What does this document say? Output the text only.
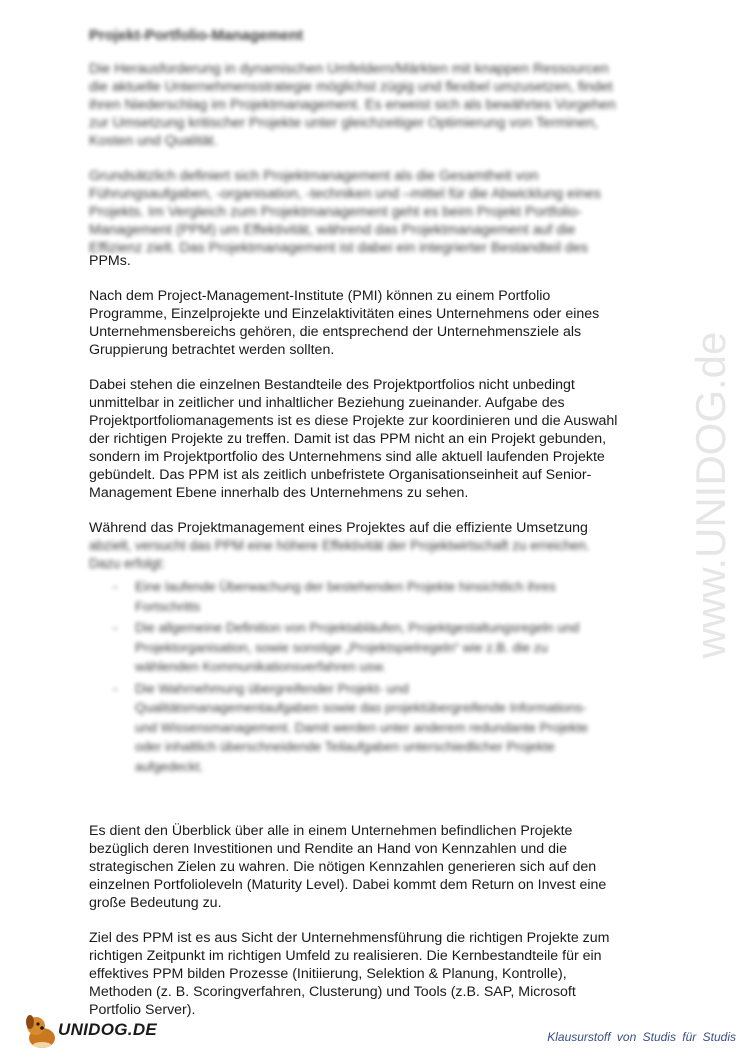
Projekt-Portfolio-Management

Die Herausforderung in dynamischen Umfeldern/Märkten mit knappen Ressourcen
die aktuelle Unternehmensstrategie möglichst zügig und flexibel umzusetzen, findet
ihren Niederschlag im Projektmanagement. Es erweist sich als bewährtes Vorgehen
zur Umsetzung kritischer Projekte unter gleichzeitiger Optimierung von Terminen,
Kosten und Qualität.

Grundsätzlich definiert sich Projektmanagement als die Gesamtheit von
Führungsaufgaben, -organisation, -techniken und –mittel für die Abwicklung eines
Projekts. Im Vergleich zum Projektmanagement geht es beim Projekt Portfolio-
Management (PPM) um Effektivität, während das Projektmanagement auf die
Effizienz zielt. Das Projektmanagement ist dabei ein integrierter Bestandteil des
PPMs.

Nach dem Project-Management-Institute (PMI) können zu einem Portfolio
Programme, Einzelprojekte und Einzelaktivitäten eines Unternehmens oder eines
Unternehmensbereichs gehören, die entsprechend der Unternehmensziele als
Gruppierung betrachtet werden sollten.

Dabei stehen die einzelnen Bestandteile des Projektportfolios nicht unbedingt
unmittelbar in zeitlicher und inhaltlicher Beziehung zueinander. Aufgabe des
Projektportfoliomanagements ist es diese Projekte zur koordinieren und die Auswahl
der richtigen Projekte zu treffen. Damit ist das PPM nicht an ein Projekt gebunden,
sondern im Projektportfolio des Unternehmens sind alle aktuell laufenden Projekte
gebündelt. Das PPM ist als zeitlich unbefristete Organisationseinheit auf Senior-
Management Ebene innerhalb des Unternehmens zu sehen.

Während das Projektmanagement eines Projektes auf die effiziente Umsetzung
abzielt, versucht das PPM eine höhere Effektivität der Projektwirtschaft zu erreichen.
Dazu erfolgt:

- Eine laufende Überwachung der bestehenden Projekte hinsichtlich ihres
Fortschritts
- Die allgemeine Definition von Projektabläufen, Projektgestaltungsregeln und
Projektorganisation, sowie sonstige „Projektspielregeln“ wie z.B. die zu
wählenden Kommunikationsverfahren usw.
- Die Wahrnehmung übergreifender Projekt- und
Qualitätsmanagementaufgaben sowie das projektübergreifende Informations-
und Wissensmanagement. Damit werden unter anderem redundante Projekte
oder inhaltlich überschneidende Teilaufgaben unterschiedlicher Projekte
aufgedeckt.

Es dient den Überblick über alle in einem Unternehmen befindlichen Projekte
bezüglich deren Investitionen und Rendite an Hand von Kennzahlen und die
strategischen Zielen zu wahren. Die nötigen Kennzahlen generieren sich auf den
einzelnen Portfoliolevel​n (Maturity Level). Dabei kommt dem Return on Invest eine
große Bedeutung zu.

Ziel des PPM ist es aus Sicht der Unternehmensführung die richtigen Projekte zum
richtigen Zeitpunkt im richtigen Umfeld zu realisieren. Die Kernbestandteile für ein
effektives PPM bilden Prozesse (Initiierung, Selektion & Planung, Kontrolle),
Methoden (z. B. Scoringverfahren, Clusterung) und Tools (z.B. SAP, Microsoft
Portfolio Server).

www.UNIDOG.de
UNIDOG.DE	Klausurstoff von Studis für Studis
